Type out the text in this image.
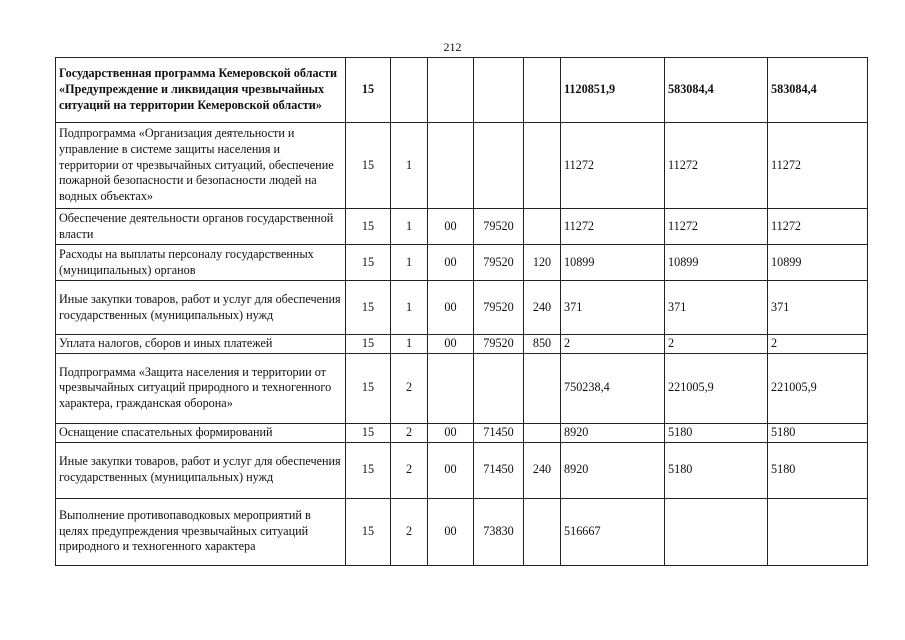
212
Государственная программа Кемеровской области «Предупреждение и ликвидация чрезвычайных ситуаций на территории Кемеровской области»	15					1120851,9	583084,4	583084,4
Подпрограмма «Организация деятельности и управление в системе защиты населения и территории от чрезвычайных ситуаций, обеспечение пожарной безопасности и безопасности людей на водных объектах»	15	1				11272	11272	11272
Обеспечение деятельности органов государственной власти	15	1	00	79520		11272	11272	11272
Расходы на выплаты персоналу государственных (муниципальных) органов	15	1	00	79520	120	10899	10899	10899
Иные закупки товаров, работ и услуг для обеспечения государственных (муниципальных) нужд	15	1	00	79520	240	371	371	371
Уплата налогов, сборов и иных платежей	15	1	00	79520	850	2	2	2
Подпрограмма «Защита населения и территории от чрезвычайных ситуаций природного и техногенного характера, гражданская оборона»	15	2				750238,4	221005,9	221005,9
Оснащение спасательных формирований	15	2	00	71450		8920	5180	5180
Иные закупки товаров, работ и услуг для обеспечения государственных (муниципальных) нужд	15	2	00	71450	240	8920	5180	5180
Выполнение противопаводковых мероприятий в целях предупреждения чрезвычайных ситуаций природного и техногенного характера	15	2	00	73830		516667		
